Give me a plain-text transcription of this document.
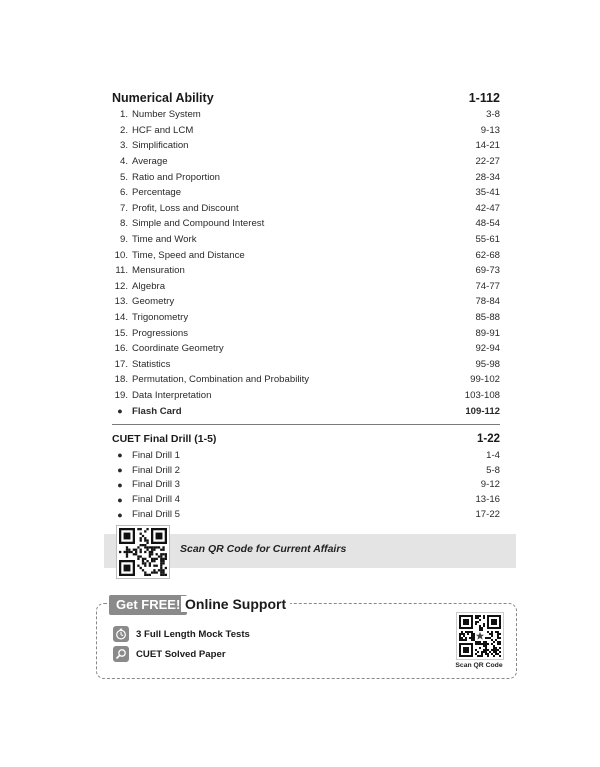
Numerical Ability	1-112
1. Number System	3-8
2. HCF and LCM	9-13
3. Simplification	14-21
4. Average	22-27
5. Ratio and Proportion	28-34
6. Percentage	35-41
7. Profit, Loss and Discount	42-47
8. Simple and Compound Interest	48-54
9. Time and Work	55-61
10. Time, Speed and Distance	62-68
11. Mensuration	69-73
12. Algebra	74-77
13. Geometry	78-84
14. Trigonometry	85-88
15. Progressions	89-91
16. Coordinate Geometry	92-94
17. Statistics	95-98
18. Permutation, Combination and Probability	99-102
19. Data Interpretation	103-108
● Flash Card	109-112
CUET Final Drill (1-5)	1-22
● Final Drill 1	1-4
● Final Drill 2	5-8
● Final Drill 3	9-12
● Final Drill 4	13-16
● Final Drill 5	17-22
Scan QR Code for Current Affairs
Get FREE! Online Support
3 Full Length Mock Tests
CUET Solved Paper
Scan QR Code
